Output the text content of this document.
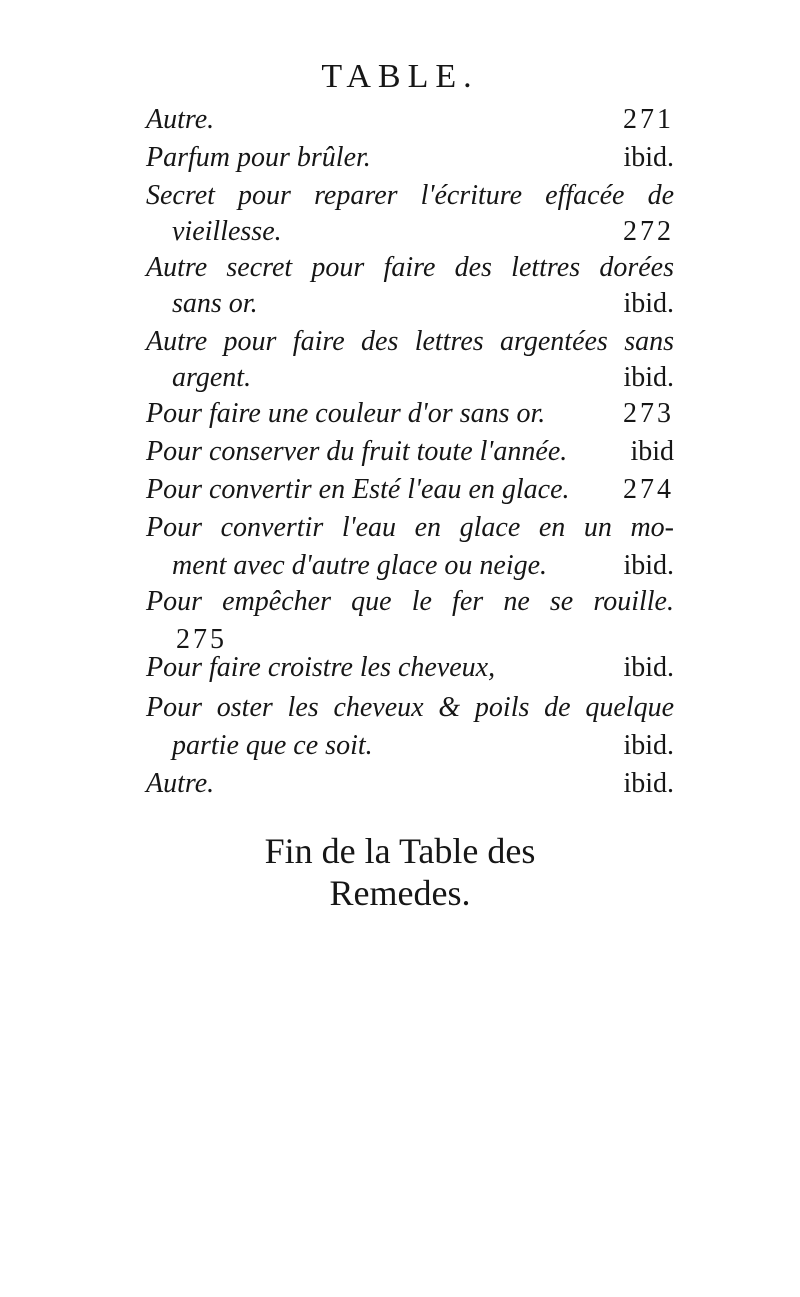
TABLE.
Autre.	271
Parfum pour brûler.	ibid.
Secret pour reparer l'écriture effacée de
vieillesse.	272
Autre secret pour faire des lettres dorées
sans or.	ibid.
Autre pour faire des lettres argentées sans
argent.	ibid.
Pour faire une couleur d'or sans or.	273
Pour conserver du fruit toute l'année. ibid
Pour convertir en Esté l'eau en glace. 274
Pour convertir l'eau en glace en un mo-
ment avec d'autre glace ou neige.	ibid.
Pour empêcher que le fer ne se rouille.
275
Pour faire croistre les cheveux,	ibid.
Pour oster les cheveux & poils de quelque
partie que ce soit.	ibid.
Autre.	ibid.
Fin de la Table des
Remedes.
